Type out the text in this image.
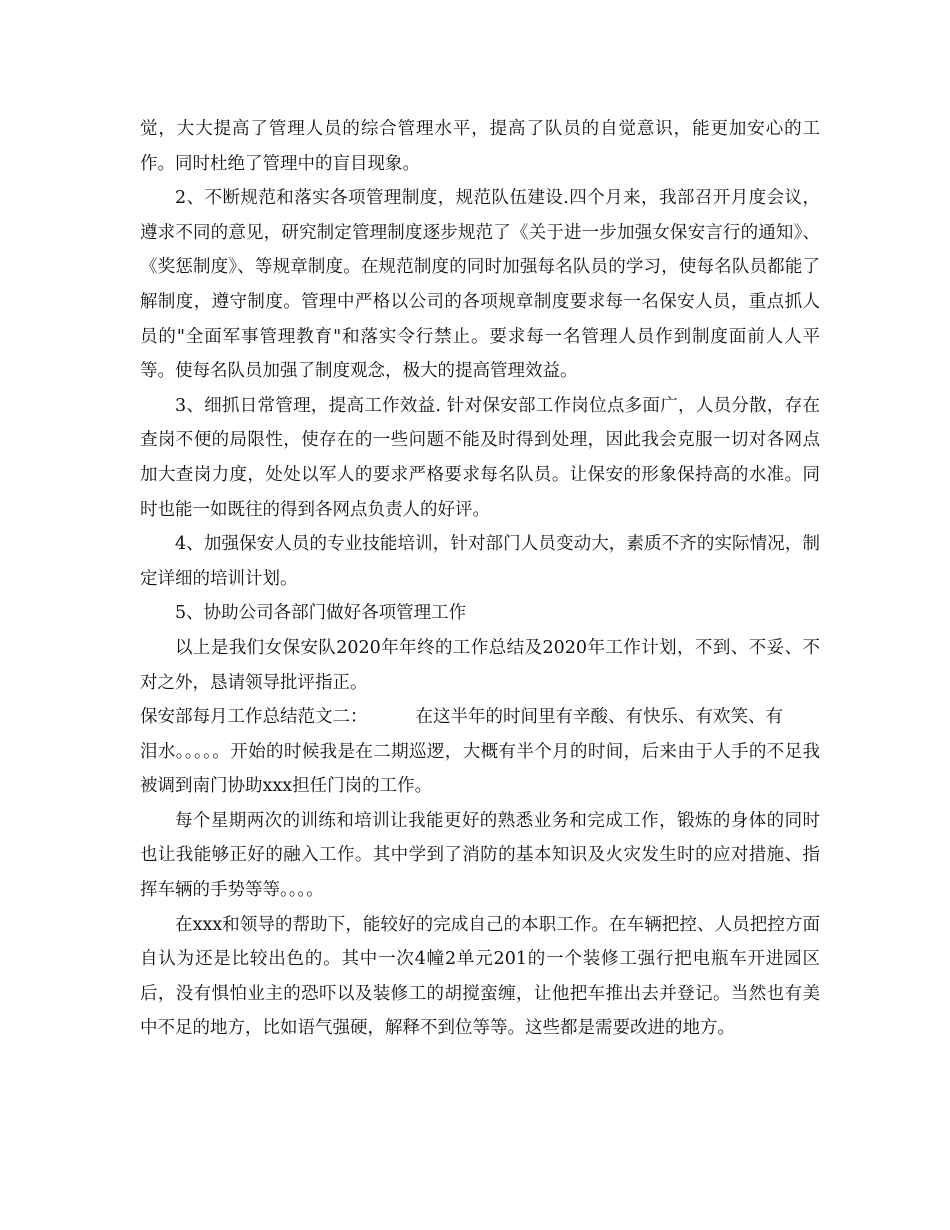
觉，大大提高了管理人员的综合管理水平，提高了队员的自觉意识，能更加安心的工作。同时杜绝了管理中的盲目现象。

2、不断规范和落实各项管理制度，规范队伍建设.四个月来，我部召开月度会议，遵求不同的意见，研究制定管理制度逐步规范了《关于进一步加强女保安言行的通知》、《奖惩制度》、等规章制度。在规范制度的同时加强每名队员的学习，使每名队员都能了解制度，遵守制度。管理中严格以公司的各项规章制度要求每一名保安人员，重点抓人员的"全面军事管理教育"和落实令行禁止。要求每一名管理人员作到制度面前人人平等。使每名队员加强了制度观念，极大的提高管理效益。

3、细抓日常管理，提高工作效益. 针对保安部工作岗位点多面广，人员分散，存在查岗不便的局限性，使存在的一些问题不能及时得到处理，因此我会克服一切对各网点加大查岗力度，处处以军人的要求严格要求每名队员。让保安的形象保持高的水准。同时也能一如既往的得到各网点负责人的好评。

4、加强保安人员的专业技能培训，针对部门人员变动大，素质不齐的实际情况，制定详细的培训计划。

5、协助公司各部门做好各项管理工作

以上是我们女保安队2020年年终的工作总结及2020年工作计划，不到、不妥、不对之外，恳请领导批评指正。

保安部每月工作总结范文二：	在这半年的时间里有辛酸、有快乐、有欢笑、有

泪水。。。。。开始的时候我是在二期巡逻，大概有半个月的时间，后来由于人手的不足我被调到南门协助xxx担任门岗的工作。

每个星期两次的训练和培训让我能更好的熟悉业务和完成工作，锻炼的身体的同时也让我能够正好的融入工作。其中学到了消防的基本知识及火灾发生时的应对措施、指挥车辆的手势等等。。。。

在xxx和领导的帮助下，能较好的完成自己的本职工作。在车辆把控、人员把控方面自认为还是比较出色的。其中一次4幢2单元201的一个装修工强行把电瓶车开进园区后，没有惧怕业主的恐吓以及装修工的胡搅蛮缠，让他把车推出去并登记。当然也有美中不足的地方，比如语气强硬，解释不到位等等。这些都是需要改进的地方。
